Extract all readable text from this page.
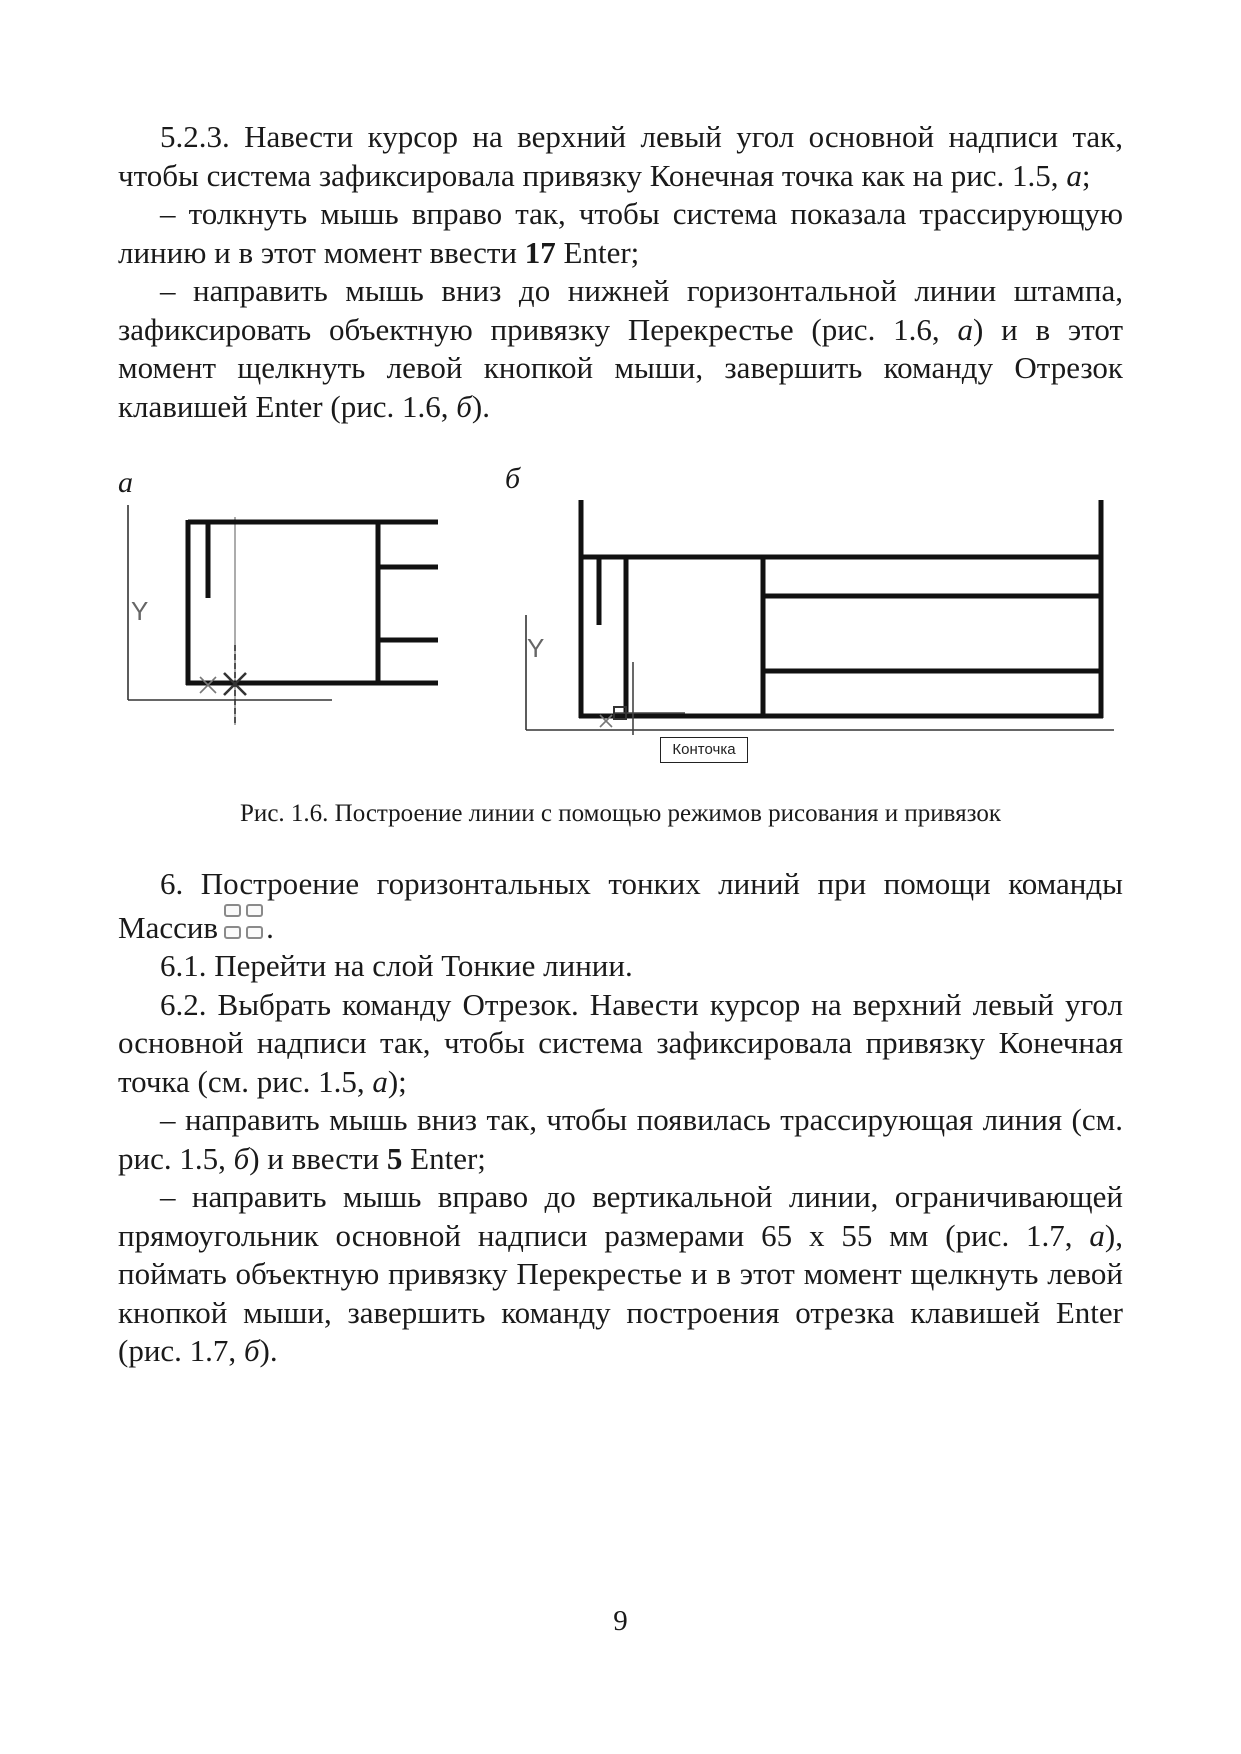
5.2.3. Навести курсор на верхний левый угол основной надписи так, чтобы система зафиксировала привязку Конечная точка как на рис. 1.5, а;

– толкнуть мышь вправо так, чтобы система показала трассирующую линию и в этот момент ввести 17 Enter;

– направить мышь вниз до нижней горизонтальной линии штампа, зафиксировать объектную привязку Перекрестье (рис. 1.6, а) и в этот момент щелкнуть левой кнопкой мыши, завершить команду Отрезок клавишей Enter (рис. 1.6, б).

а	б
Y
Y
Конточка
Рис. 1.6. Построение линии с помощью режимов рисования и привязок

6. Построение горизонтальных тонких линий при помощи команды Массив .

6.1. Перейти на слой Тонкие линии.

6.2. Выбрать команду Отрезок. Навести курсор на верхний левый угол основной надписи так, чтобы система зафиксировала привязку Конечная точка (см. рис. 1.5, а);

– направить мышь вниз так, чтобы появилась трассирующая линия (см. рис. 1.5, б) и ввести 5 Enter;

– направить мышь вправо до вертикальной линии, ограничивающей прямоугольник основной надписи размерами 65 x 55 мм (рис. 1.7, а), поймать объектную привязку Перекрестье и в этот момент щелкнуть левой кнопкой мыши, завершить команду построения отрезка клавишей Enter (рис. 1.7, б).

9
